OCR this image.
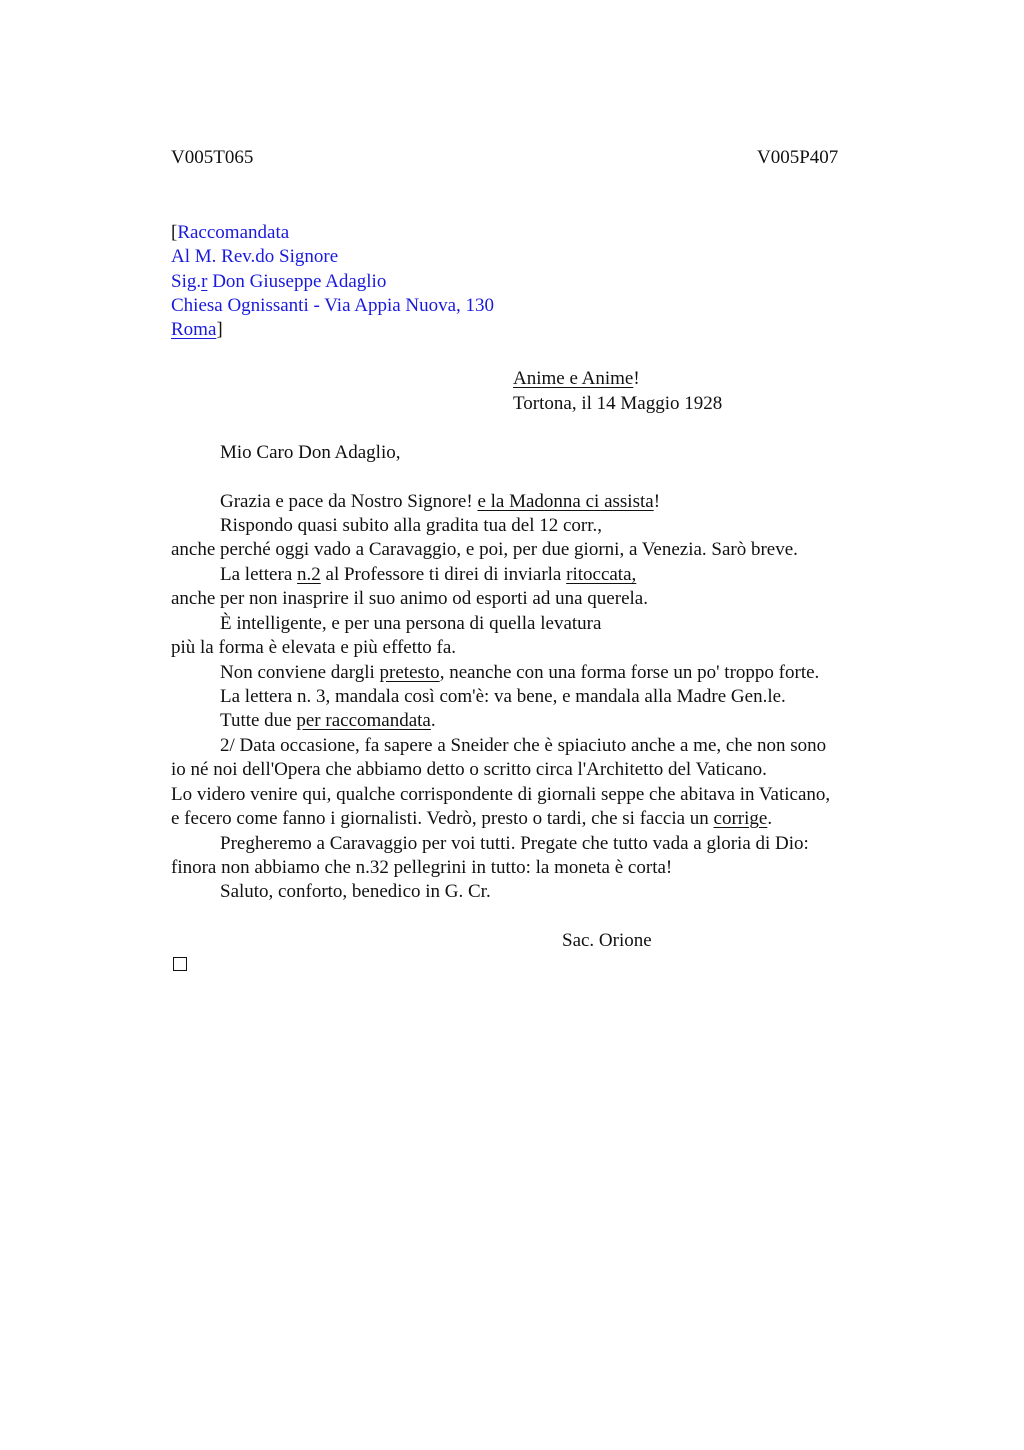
V005T065	V005P407
[Raccomandata
Al M. Rev.do Signore
Sig.r Don Giuseppe Adaglio
Chiesa Ognissanti - Via Appia Nuova, 130
Roma]
Anime e Anime!
Tortona, il 14 Maggio 1928
Mio Caro Don Adaglio,
Grazia e pace da Nostro Signore! e la Madonna ci assista!
Rispondo quasi subito alla gradita tua del 12 corr.,
anche perché oggi vado a Caravaggio, e poi, per due giorni, a Venezia. Sarò breve.
La lettera n.2 al Professore ti direi di inviarla ritoccata,
anche per non inasprire il suo animo od esporti ad una querela.
È intelligente, e per una persona di quella levatura
più la forma è elevata e più effetto fa.
Non conviene dargli pretesto, neanche con una forma forse un po' troppo forte.
La lettera n. 3, mandala così com'è: va bene, e mandala alla Madre Gen.le.
Tutte due per raccomandata.
2/ Data occasione, fa sapere a Sneider che è spiaciuto anche a me, che non sono
io né noi dell'Opera che abbiamo detto o scritto circa l'Architetto del Vaticano.
Lo videro venire qui, qualche corrispondente di giornali seppe che abitava in Vaticano,
e fecero come fanno i giornalisti. Vedrò, presto o tardi, che si faccia un corrige.
Pregheremo a Caravaggio per voi tutti. Pregate che tutto vada a gloria di Dio:
finora non abbiamo che n.32 pellegrini in tutto: la moneta è corta!
Saluto, conforto, benedico in G. Cr.
Sac. Orione
